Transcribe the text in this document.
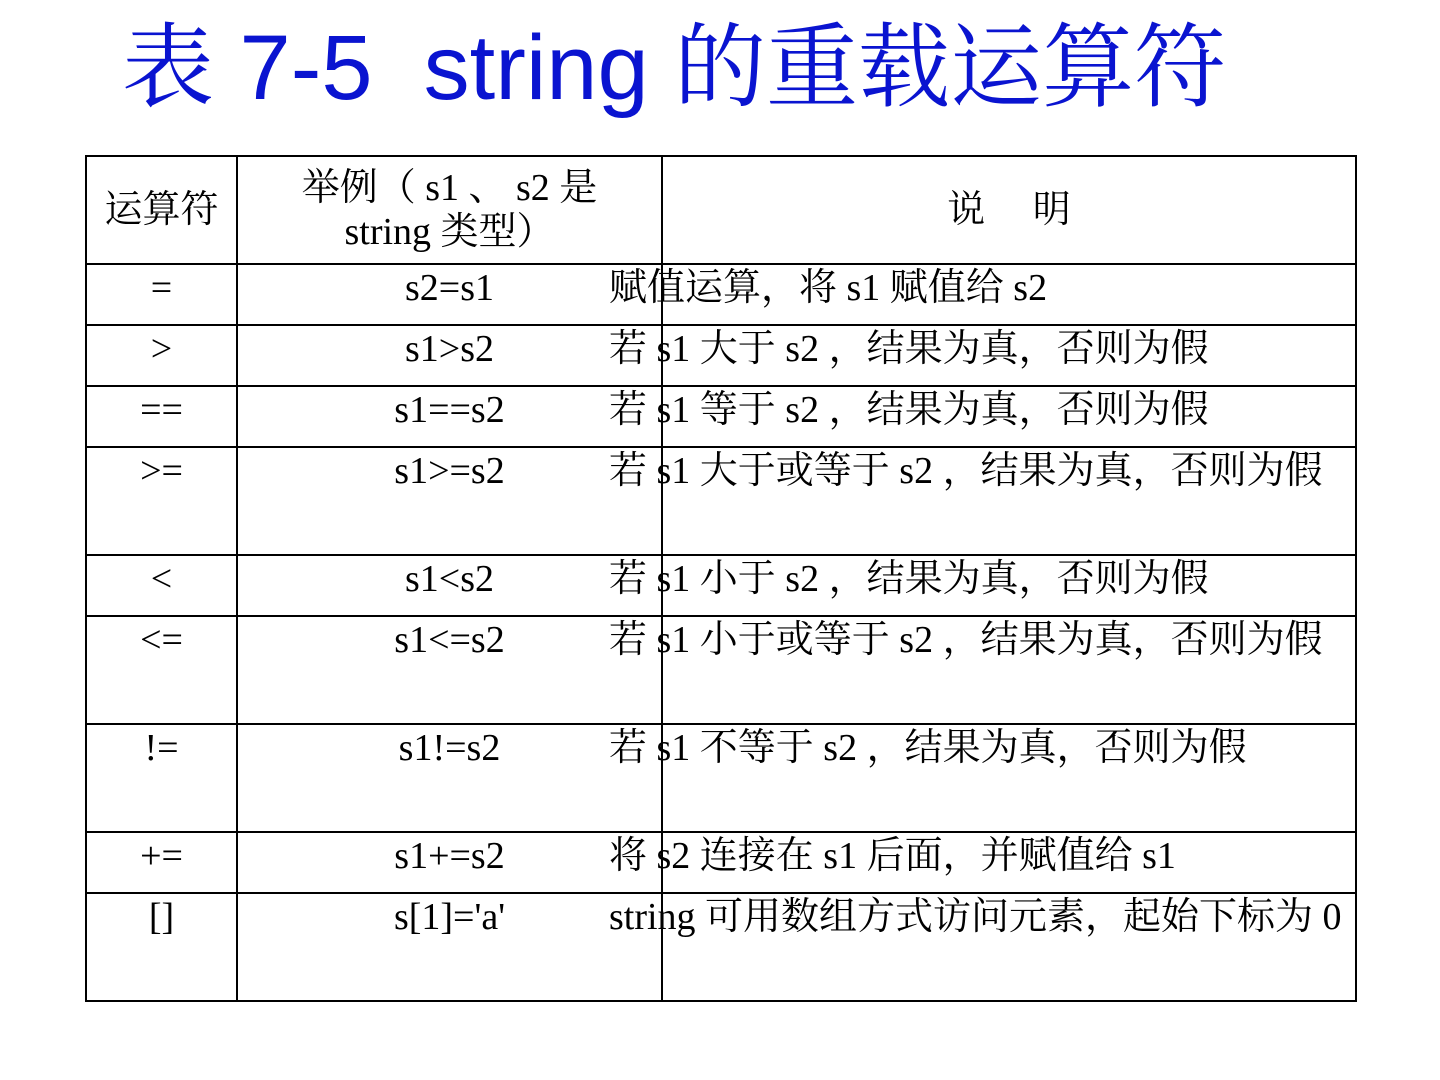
表 7-5  string 的重载运算符
运算符	举例（ s1 、 s2 是 string 类型）	说     明
=	s2=s1	赋值运算，将 s1 赋值给 s2
>	s1>s2	若 s1 大于 s2 ，结果为真，否则为假
==	s1==s2	若 s1 等于 s2 ，结果为真，否则为假
>=	s1>=s2	若 s1 大于或等于 s2 ，结果为真，否则为假
<	s1<s2	若 s1 小于 s2 ，结果为真，否则为假
<=	s1<=s2	若 s1 小于或等于 s2 ，结果为真，否则为假
!=	s1!=s2	若 s1 不等于 s2 ，结果为真，否则为假
+=	s1+=s2	将 s2 连接在 s1 后面，并赋值给 s1
[]	s[1]='a'	string 可用数组方式访问元素，起始下标为 0
